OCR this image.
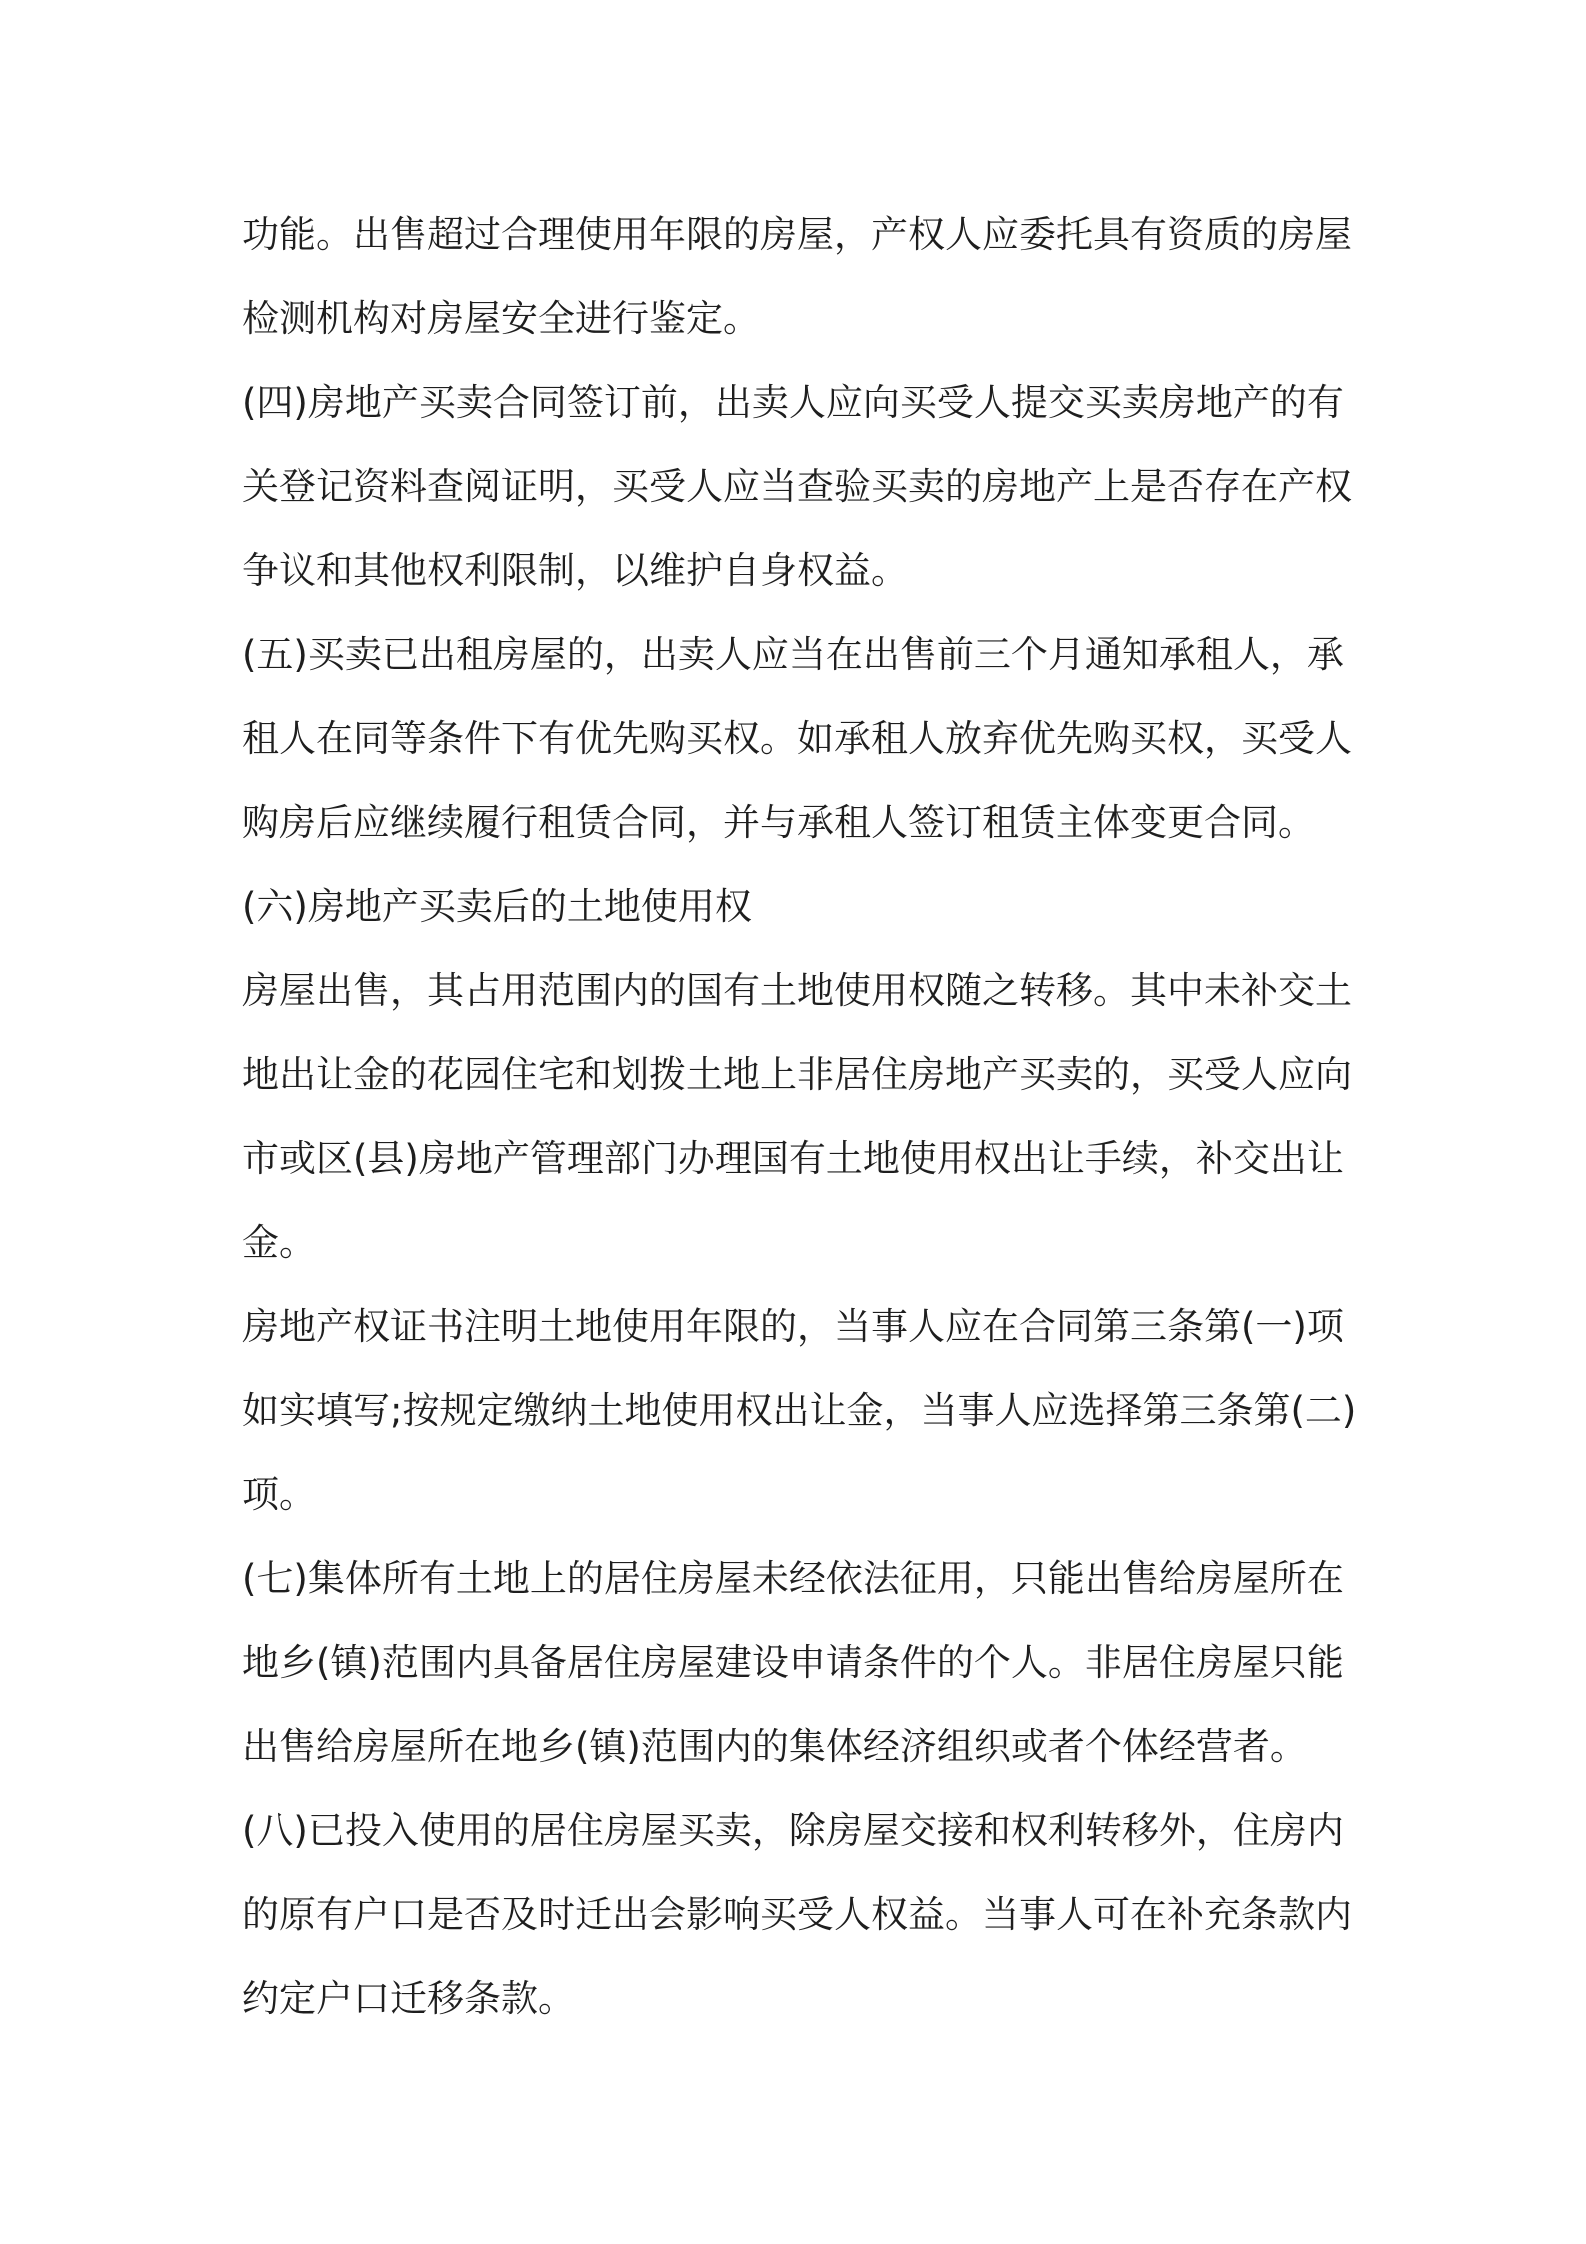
功能。出售超过合理使用年限的房屋，产权人应委托具有资质的房屋
检测机构对房屋安全进行鉴定。
(四)房地产买卖合同签订前，出卖人应向买受人提交买卖房地产的有
关登记资料查阅证明，买受人应当查验买卖的房地产上是否存在产权
争议和其他权利限制，以维护自身权益。
(五)买卖已出租房屋的，出卖人应当在出售前三个月通知承租人，承
租人在同等条件下有优先购买权。如承租人放弃优先购买权，买受人
购房后应继续履行租赁合同，并与承租人签订租赁主体变更合同。
(六)房地产买卖后的土地使用权
房屋出售，其占用范围内的国有土地使用权随之转移。其中未补交土
地出让金的花园住宅和划拨土地上非居住房地产买卖的，买受人应向
市或区(县)房地产管理部门办理国有土地使用权出让手续，补交出让
金。
房地产权证书注明土地使用年限的，当事人应在合同第三条第(一)项
如实填写;按规定缴纳土地使用权出让金，当事人应选择第三条第(二)
项。
(七)集体所有土地上的居住房屋未经依法征用，只能出售给房屋所在
地乡(镇)范围内具备居住房屋建设申请条件的个人。非居住房屋只能
出售给房屋所在地乡(镇)范围内的集体经济组织或者个体经营者。
(八)已投入使用的居住房屋买卖，除房屋交接和权利转移外，住房内
的原有户口是否及时迁出会影响买受人权益。当事人可在补充条款内
约定户口迁移条款。
